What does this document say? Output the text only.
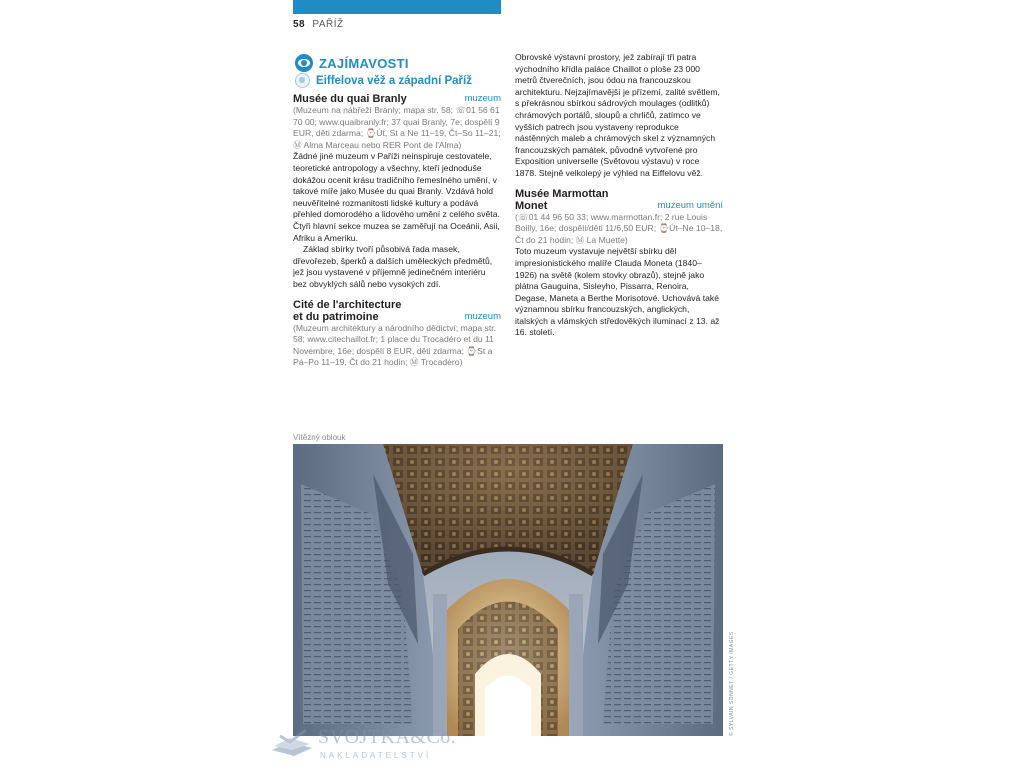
58 PAŘÍŽ
ZAJÍMAVOSTI
Eiffelova věž a západní Paříž
Musée du quai Branly	muzeum
(Muzeum na nábřeží Branly; mapa str. 58; ☏01 56 61 70 00; www.quaibranly.fr; 37 quai Branly, 7e; dospělí 9 EUR, děti zdarma; ⌚Út, St a Ne 11–19, Čt–So 11–21; Ⓜ Alma Marceau nebo RER Pont de l'Alma)
Žádné jiné muzeum v Paříži neinspiruje cestovatele, teoretické antropology a všechny, kteří jednoduše dokážou ocenit krásu tradičního řemeslného umění, v takové míře jako Musée du quai Branly. Vzdává hold neuvěřitelné rozmanitosti lidské kultury a podává přehled domorodého a lidového umění z celého světa. Čtyři hlavní sekce muzea se zaměřují na Oceánii, Asii, Afriku a Ameriku.
Základ sbírky tvoří působivá řada masek, dřevořezeb, šperků a dalších uměleckých předmětů, jež jsou vystavené v příjemně jedinečném interiéru bez obvyklých sálů nebo vysokých zdí.
Cité de l'architecture
et du patrimoine	muzeum
(Muzeum architektury a národního dědictví; mapa str. 58; www.citechaillot.fr; 1 place du Trocadéro et du 11 Novembre, 16e; dospělí 8 EUR, děti zdarma; ⌚St a Pá–Po 11–19, Čt do 21 hodin; Ⓜ Trocadéro)
Obrovské výstavní prostory, jež zabírají tři patra východního křídla paláce Chaillot o ploše 23 000 metrů čtverečních, jsou ódou na francouzskou architekturu. Nejzajímavější je přízemí, zalité světlem, s překrásnou sbírkou sádrových moulages (odlitků) chrámových portálů, sloupů a chrličů, zatímco ve vyšších patrech jsou vystaveny reprodukce nástěnných maleb a chrámových skel z významných francouzských památek, původně vytvořené pro Exposition universelle (Světovou výstavu) v roce 1878. Stejně velkolepý je výhled na Eiffelovu věž.
Musée Marmottan
Monet	muzeum umění
(☏01 44 96 50 33; www.marmottan.fr; 2 rue Louis Boilly, 16e; dospělí/děti 11/6,50 EUR; ⌚Út–Ne 10–18, Čt do 21 hodin; Ⓜ La Muette)
Toto muzeum vystavuje největší sbírku děl impresionistického malíře Clauda Moneta (1840–1926) na světě (kolem stovky obrazů), stejně jako plátna Gauguina, Sisleyho, Pissarra, Renoira, Degase, Maneta a Berthe Morisotové. Uchovává také významnou sbírku francouzských, anglických, italských a vlámských středověkých iluminací z 13. až 16. století.
Vítězný oblouk
© SYLVAIN SONNET / GETTY IMAGES
SVOJTKA&Co.
NAKLADATELSTVÍ
